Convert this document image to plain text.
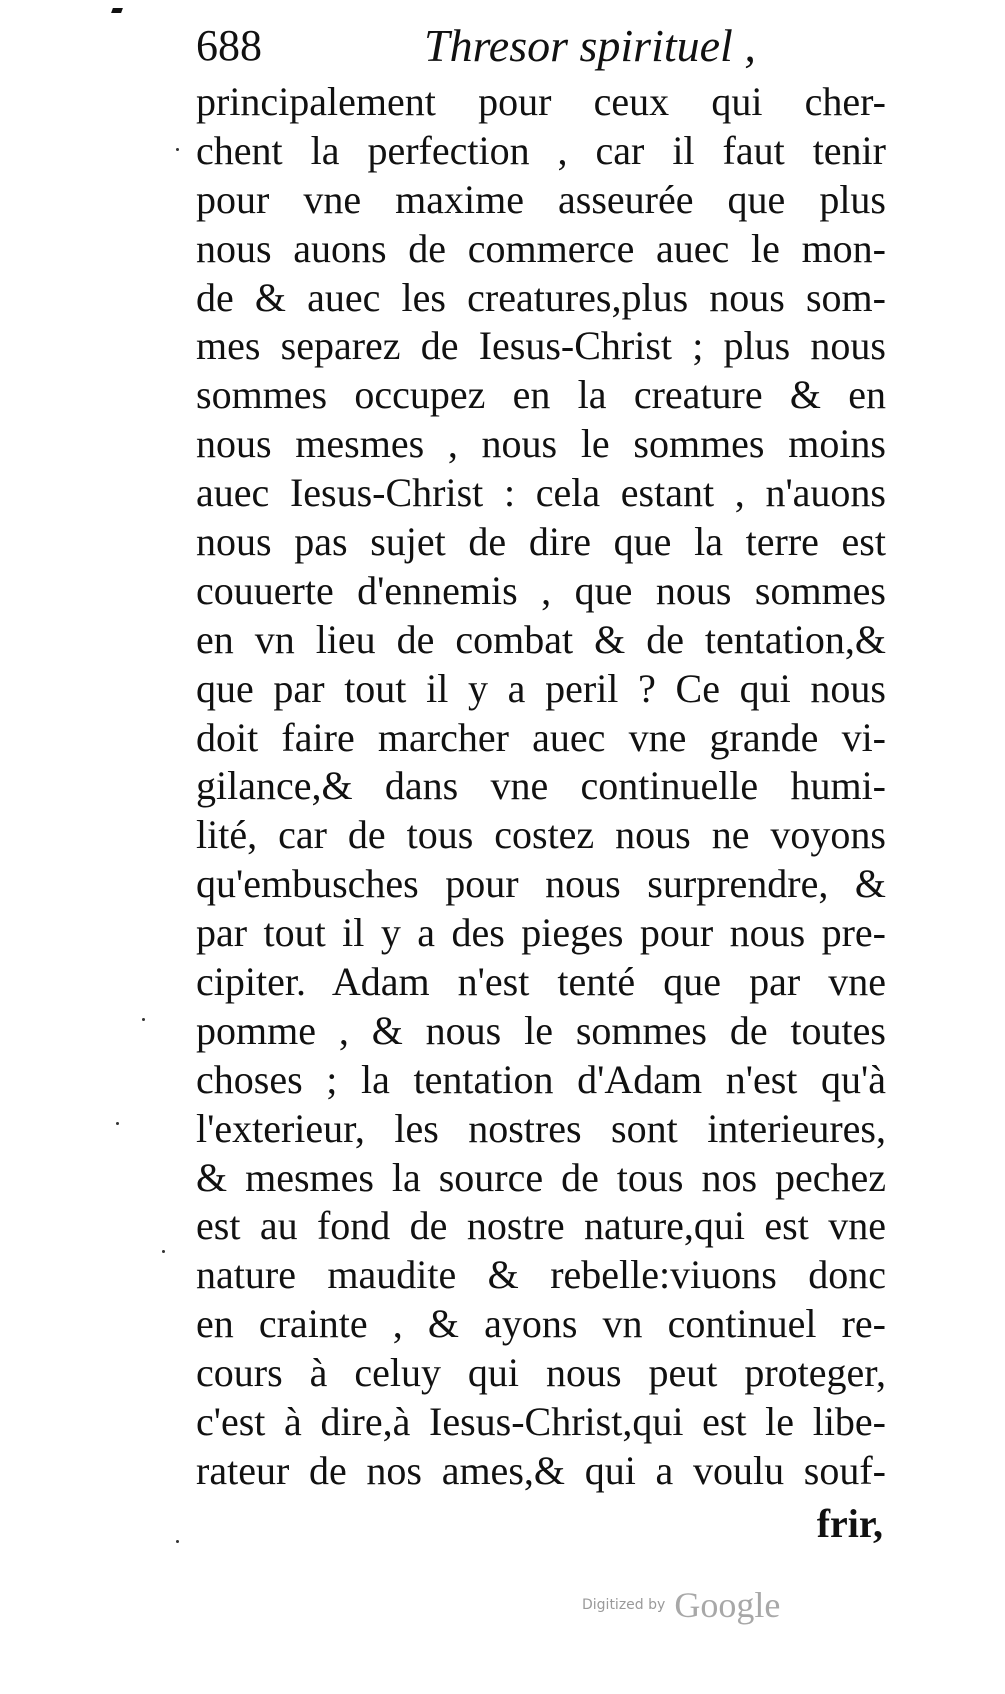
688	Thresor spirituel ,
principalement pour ceux qui cher-
chent la perfection , car il faut tenir
pour vne maxime asseurée que plus
nous auons de commerce auec le mon-
de & auec les creatures,plus nous som-
mes separez de Iesus-Christ ; plus nous
sommes occupez en la creature & en
nous mesmes , nous le sommes moins
auec Iesus-Christ : cela estant , n'auons
nous pas sujet de dire que la terre est
couuerte d'ennemis , que nous sommes
en vn lieu de combat & de tentation,&
que par tout il y a peril ? Ce qui nous
doit faire marcher auec vne grande vi-
gilance,& dans vne continuelle humi-
lité, car de tous costez nous ne voyons
qu'embusches pour nous surprendre, &
par tout il y a des pieges pour nous pre-
cipiter. Adam n'est tenté que par vne
pomme , & nous le sommes de toutes
choses ; la tentation d'Adam n'est qu'à
l'exterieur, les nostres sont interieures,
& mesmes la source de tous nos pechez
est au fond de nostre nature,qui est vne
nature maudite & rebelle:viuons donc
en crainte , & ayons vn continuel re-
cours à celuy qui nous peut proteger,
c'est à dire,à Iesus-Christ,qui est le libe-
rateur de nos ames,& qui a voulu souf-
frir,
Digitized by Google
